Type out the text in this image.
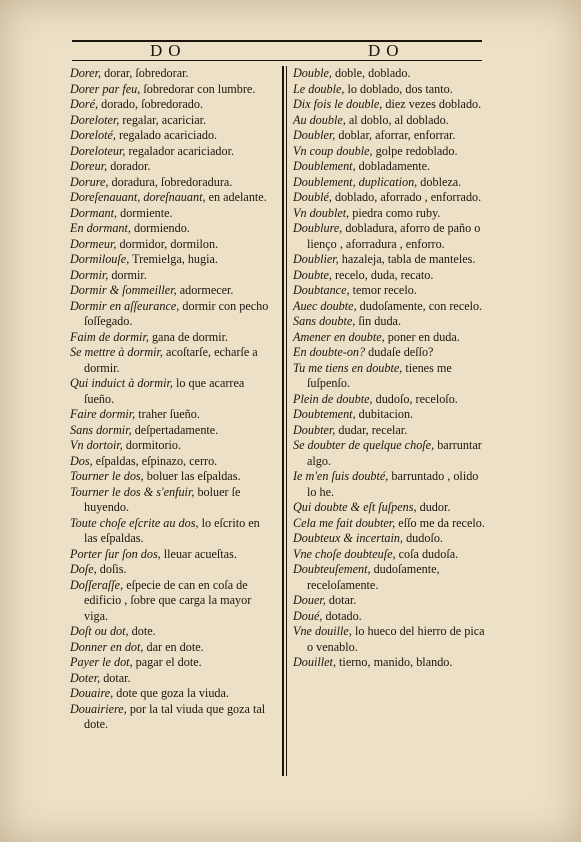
DO	DO

Dorer, dorar, ſobredorar.

Dorer par feu, ſobredorar con lumbre.

Doré, dorado, ſobredorado.

Doreloter, regalar, acariciar.

Doreloté, regalado acariciado.

Doreloteur, regalador acariciador.

Doreur, dorador.

Dorure, doradura, ſobredoradura.

Doreſenauant, doreſnauant, en adelante.

Dormant, dormiente.

En dormant, dormiendo.

Dormeur, dormidor, dormilon.

Dormilouſe, Tremielga, hugia.

Dormir, dormir.

Dormir & ſommeiller, adormecer.

Dormir en aſſeurance, dormir con pecho ſoſſegado.

Faim de dormir, gana de dormir.

Se mettre à dormir, acoſtarſe, echarſe a dormir.

Qui induict à dormir, lo que acarrea ſueño.

Faire dormir, traher ſueño.

Sans dormir, deſpertadamente.

Vn dortoir, dormitorio.

Dos, eſpaldas, eſpinazo, cerro.

Tourner le dos, boluer las eſpaldas.

Tourner le dos & s'enfuir, boluer ſe huyendo.

Toute choſe eſcrite au dos, lo eſcrito en las eſpaldas.

Porter ſur ſon dos, lleuar acueſtas.

Doſe, doſis.

Doſſeraſſe, eſpecie de can en coſa de edificio , ſobre que carga la mayor viga.

Doſt ou dot, dote.

Donner en dot, dar en dote.

Payer le dot, pagar el dote.

Doter, dotar.

Douaire, dote que goza la viuda.

Douairiere, por la tal viuda que goza tal dote.

Double, doble, doblado.

Le double, lo doblado, dos tanto.

Dix fois le double, diez vezes doblado.

Au double, al doblo, al doblado.

Doubler, doblar, aforrar, enforrar.

Vn coup double, golpe redoblado.

Doublement, dobladamente.

Doublement, duplication, dobleza.

Doublé, doblado, aforrado , enforrado.

Vn doublet, piedra como ruby.

Doublure, dobladura, aforro de paño o lienço , aforradura , enforro.

Doublier, hazaleja, tabla de manteles.

Doubte, recelo, duda, recato.

Doubtance, temor recelo.

Auec doubte, dudoſamente, con recelo.

Sans doubte, ſin duda.

Amener en doubte, poner en duda.

En doubte-on? dudaſe deſſo?

Tu me tiens en doubte, tienes me ſuſpenſo.

Plein de doubte, dudoſo, receloſo.

Doubtement, dubitacion.

Doubter, dudar, recelar.

Se doubter de quelque choſe, barruntar algo.

Ie m'en ſuis doubté, barruntado , olido lo he.

Qui doubte & eſt ſuſpens, dudor.

Cela me fait doubter, eſſo me da recelo.

Doubteux & incertain, dudoſo.

Vne choſe doubteuſe, coſa dudoſa.

Doubteuſement, dudoſamente, receloſamente.

Douer, dotar.

Doué, dotado.

Vne douille, lo hueco del hierro de pica o venablo.

Douillet, tierno, manido, blando.
